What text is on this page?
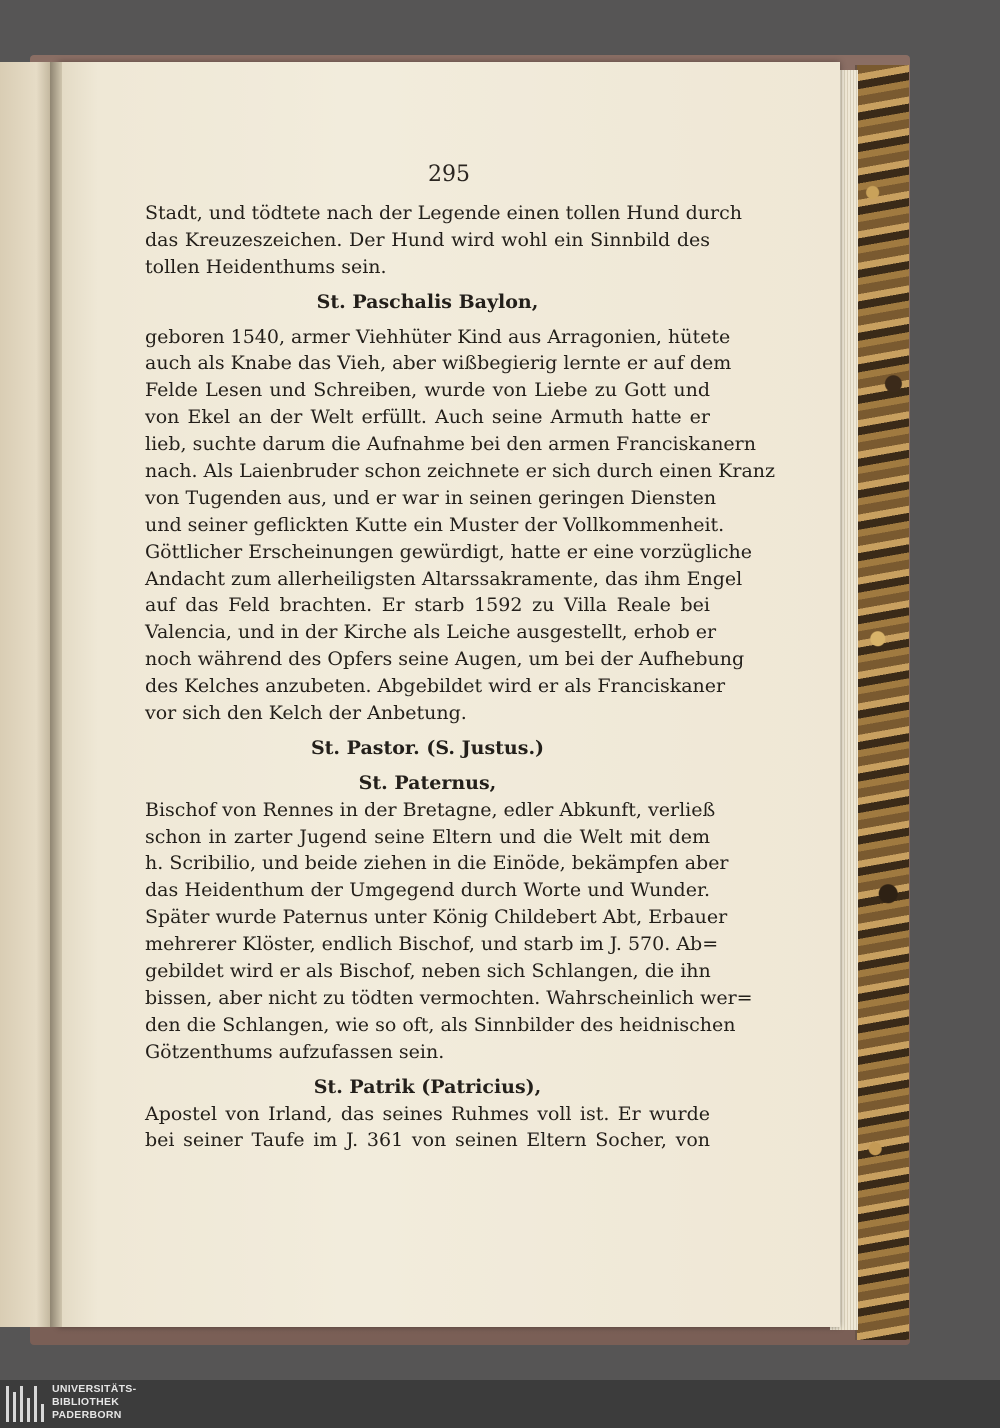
295
Stadt, und tödtete nach der Legende einen tollen Hund durch
das Kreuzeszeichen. Der Hund wird wohl ein Sinnbild des
tollen Heidenthums sein.
St. Paschalis Baylon,
geboren 1540, armer Viehhüter Kind aus Arragonien, hütete
auch als Knabe das Vieh, aber wißbegierig lernte er auf dem
Felde Lesen und Schreiben, wurde von Liebe zu Gott und
von Ekel an der Welt erfüllt. Auch seine Armuth hatte er
lieb, suchte darum die Aufnahme bei den armen Franciskanern
nach. Als Laienbruder schon zeichnete er sich durch einen Kranz
von Tugenden aus, und er war in seinen geringen Diensten
und seiner geflickten Kutte ein Muster der Vollkommenheit.
Göttlicher Erscheinungen gewürdigt, hatte er eine vorzügliche
Andacht zum allerheiligsten Altarssakramente, das ihm Engel
auf das Feld brachten. Er starb 1592 zu Villa Reale bei
Valencia, und in der Kirche als Leiche ausgestellt, erhob er
noch während des Opfers seine Augen, um bei der Aufhebung
des Kelches anzubeten. Abgebildet wird er als Franciskaner
vor sich den Kelch der Anbetung.
St. Pastor. (S. Justus.)
St. Paternus,
Bischof von Rennes in der Bretagne, edler Abkunft, verließ
schon in zarter Jugend seine Eltern und die Welt mit dem
h. Scribilio, und beide ziehen in die Einöde, bekämpfen aber
das Heidenthum der Umgegend durch Worte und Wunder.
Später wurde Paternus unter König Childebert Abt, Erbauer
mehrerer Klöster, endlich Bischof, und starb im J. 570. Ab=
gebildet wird er als Bischof, neben sich Schlangen, die ihn
bissen, aber nicht zu tödten vermochten. Wahrscheinlich wer=
den die Schlangen, wie so oft, als Sinnbilder des heidnischen
Götzenthums aufzufassen sein.
St. Patrik (Patricius),
Apostel von Irland, das seines Ruhmes voll ist. Er wurde
bei seiner Taufe im J. 361 von seinen Eltern Socher, von
UNIVERSITÄTS-
BIBLIOTHEK
PADERBORN
